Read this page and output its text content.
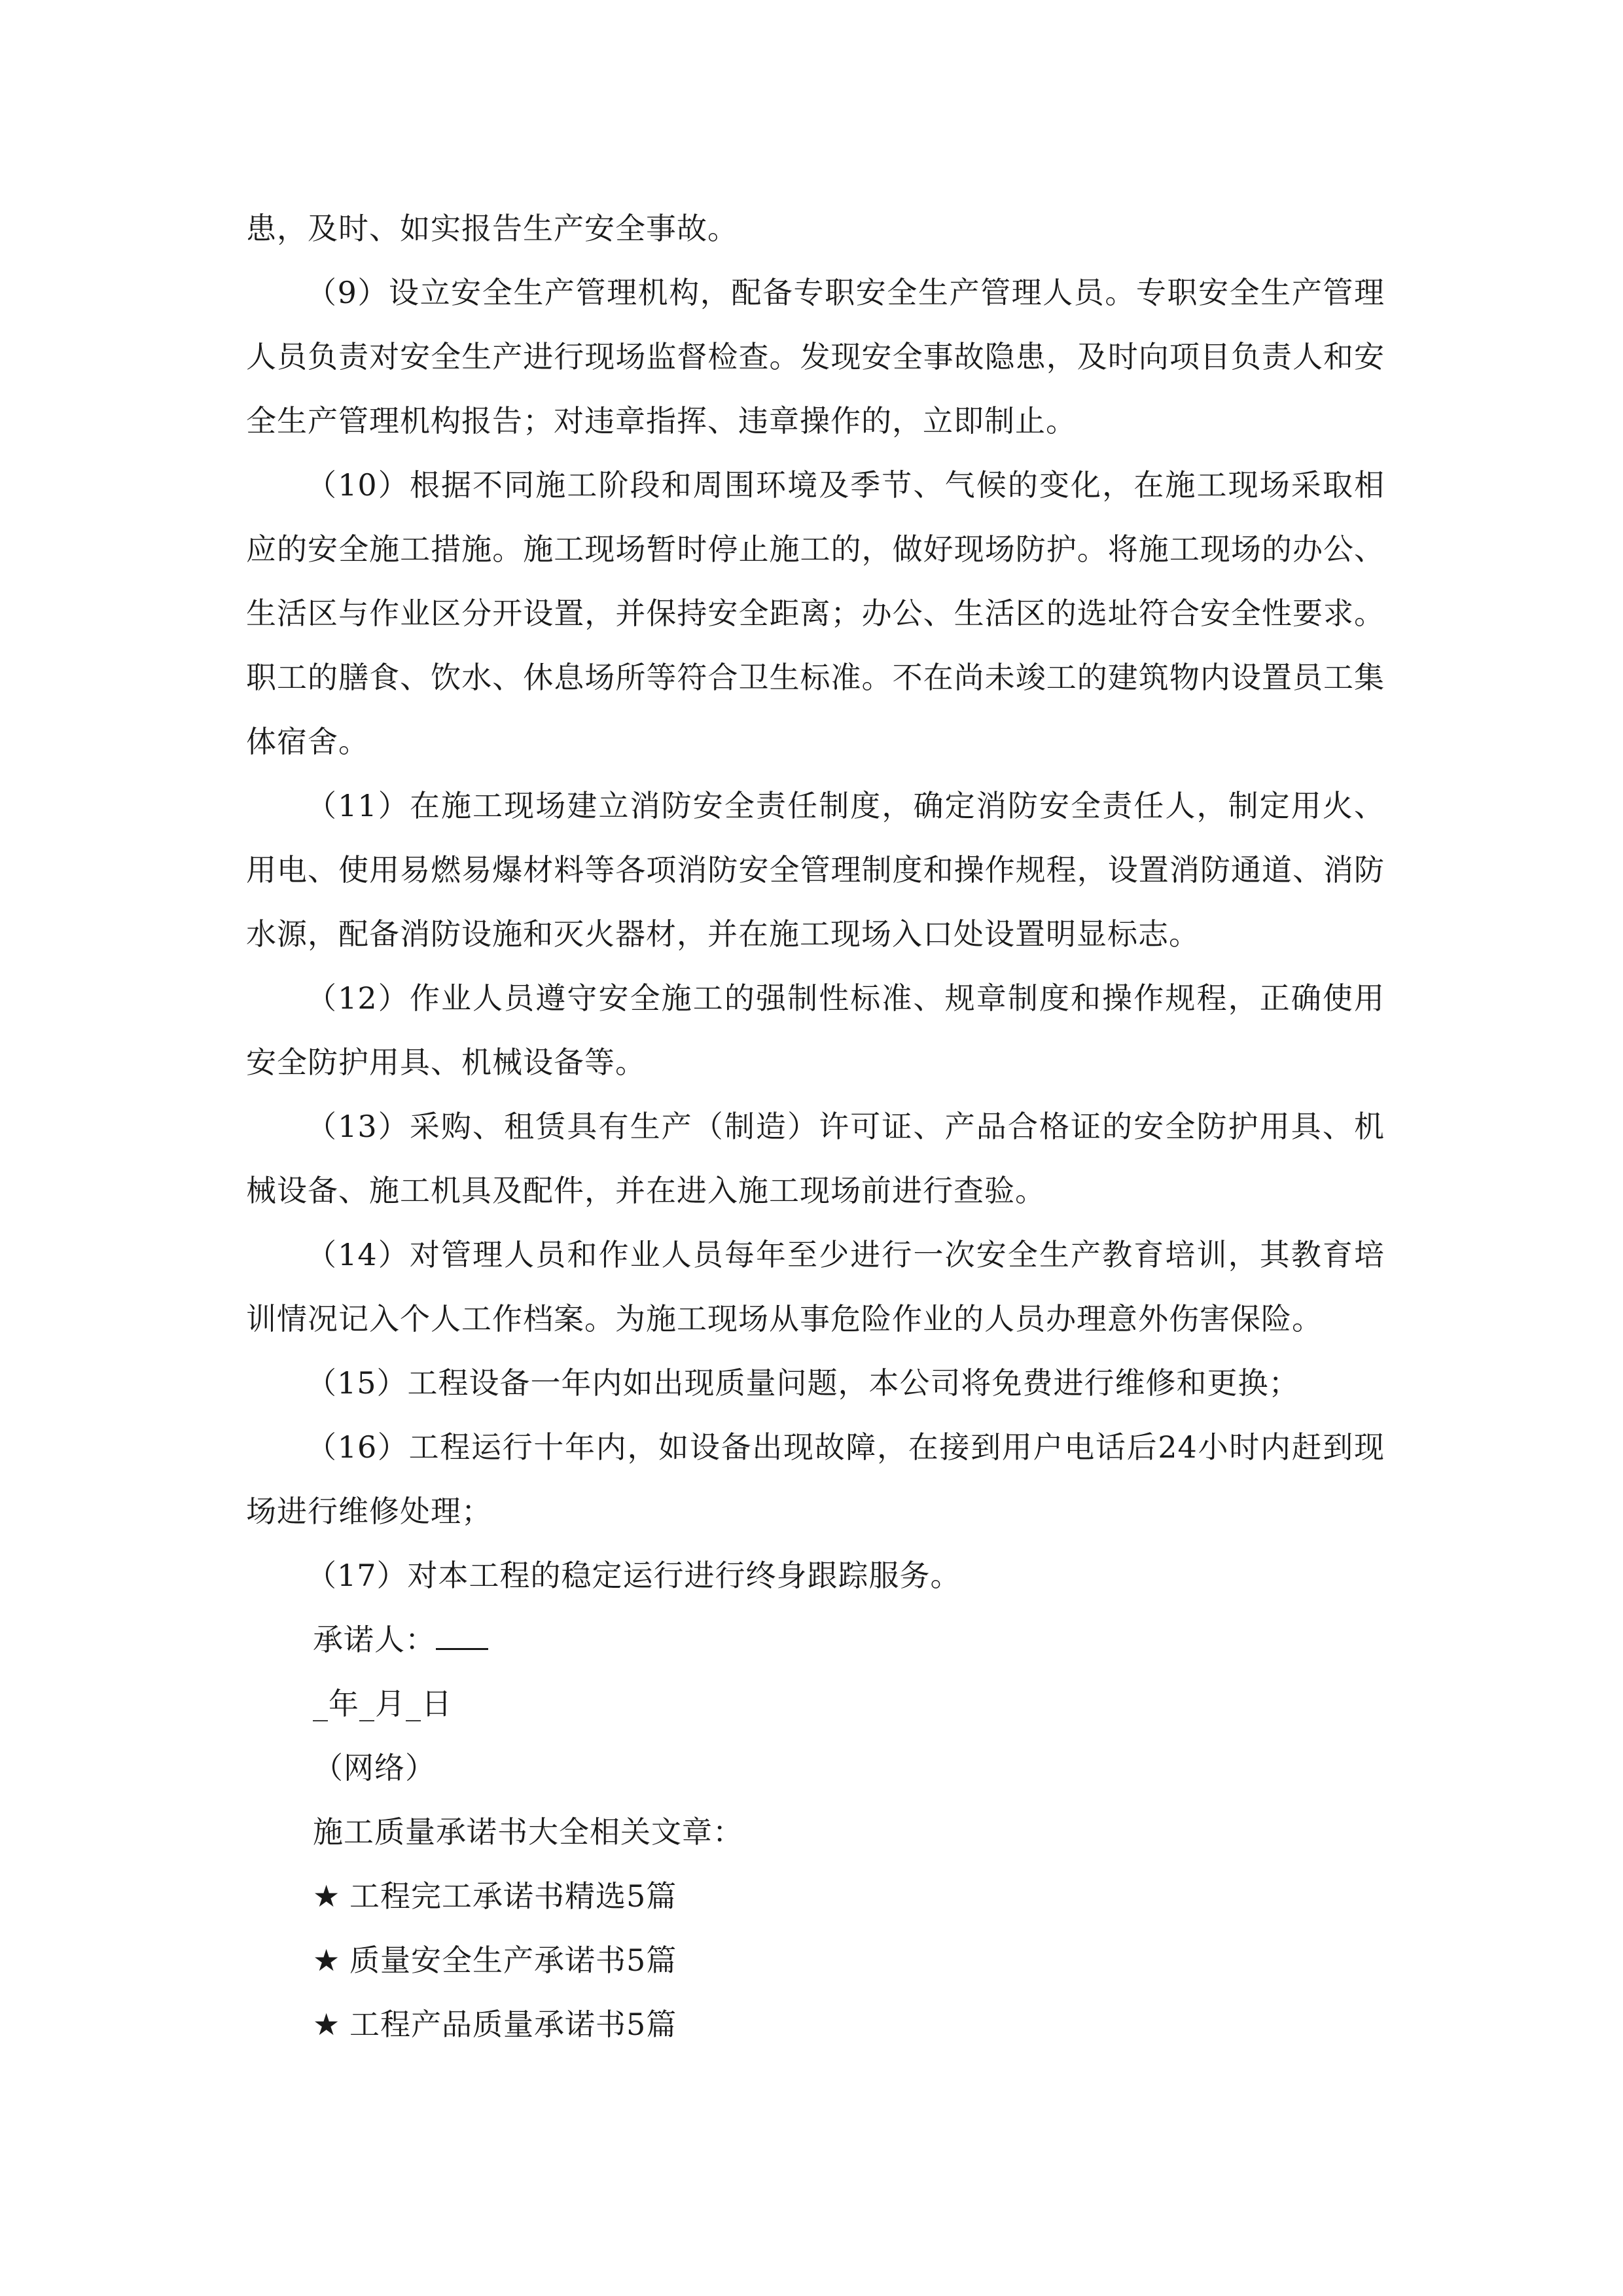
患，及时、如实报告生产安全事故。

（9）设立安全生产管理机构，配备专职安全生产管理人员。专职安全生产管理人员负责对安全生产进行现场监督检查。发现安全事故隐患，及时向项目负责人和安全生产管理机构报告；对违章指挥、违章操作的，立即制止。

（10）根据不同施工阶段和周围环境及季节、气候的变化，在施工现场采取相应的安全施工措施。施工现场暂时停止施工的，做好现场防护。将施工现场的办公、生活区与作业区分开设置，并保持安全距离；办公、生活区的选址符合安全性要求。职工的膳食、饮水、休息场所等符合卫生标准。不在尚未竣工的建筑物内设置员工集体宿舍。

（11）在施工现场建立消防安全责任制度，确定消防安全责任人，制定用火、用电、使用易燃易爆材料等各项消防安全管理制度和操作规程，设置消防通道、消防水源，配备消防设施和灭火器材，并在施工现场入口处设置明显标志。

（12）作业人员遵守安全施工的强制性标准、规章制度和操作规程，正确使用安全防护用具、机械设备等。

（13）采购、租赁具有生产（制造）许可证、产品合格证的安全防护用具、机械设备、施工机具及配件，并在进入施工现场前进行查验。

（14）对管理人员和作业人员每年至少进行一次安全生产教育培训，其教育培训情况记入个人工作档案。为施工现场从事危险作业的人员办理意外伤害保险。

（15）工程设备一年内如出现质量问题，本公司将免费进行维修和更换；

（16）工程运行十年内，如设备出现故障，在接到用户电话后24小时内赶到现场进行维修处理；

（17）对本工程的稳定运行进行终身跟踪服务。

承诺人：

_年_月_日

（网络）

施工质量承诺书大全相关文章：

★ 工程完工承诺书精选5篇

★ 质量安全生产承诺书5篇

★ 工程产品质量承诺书5篇
